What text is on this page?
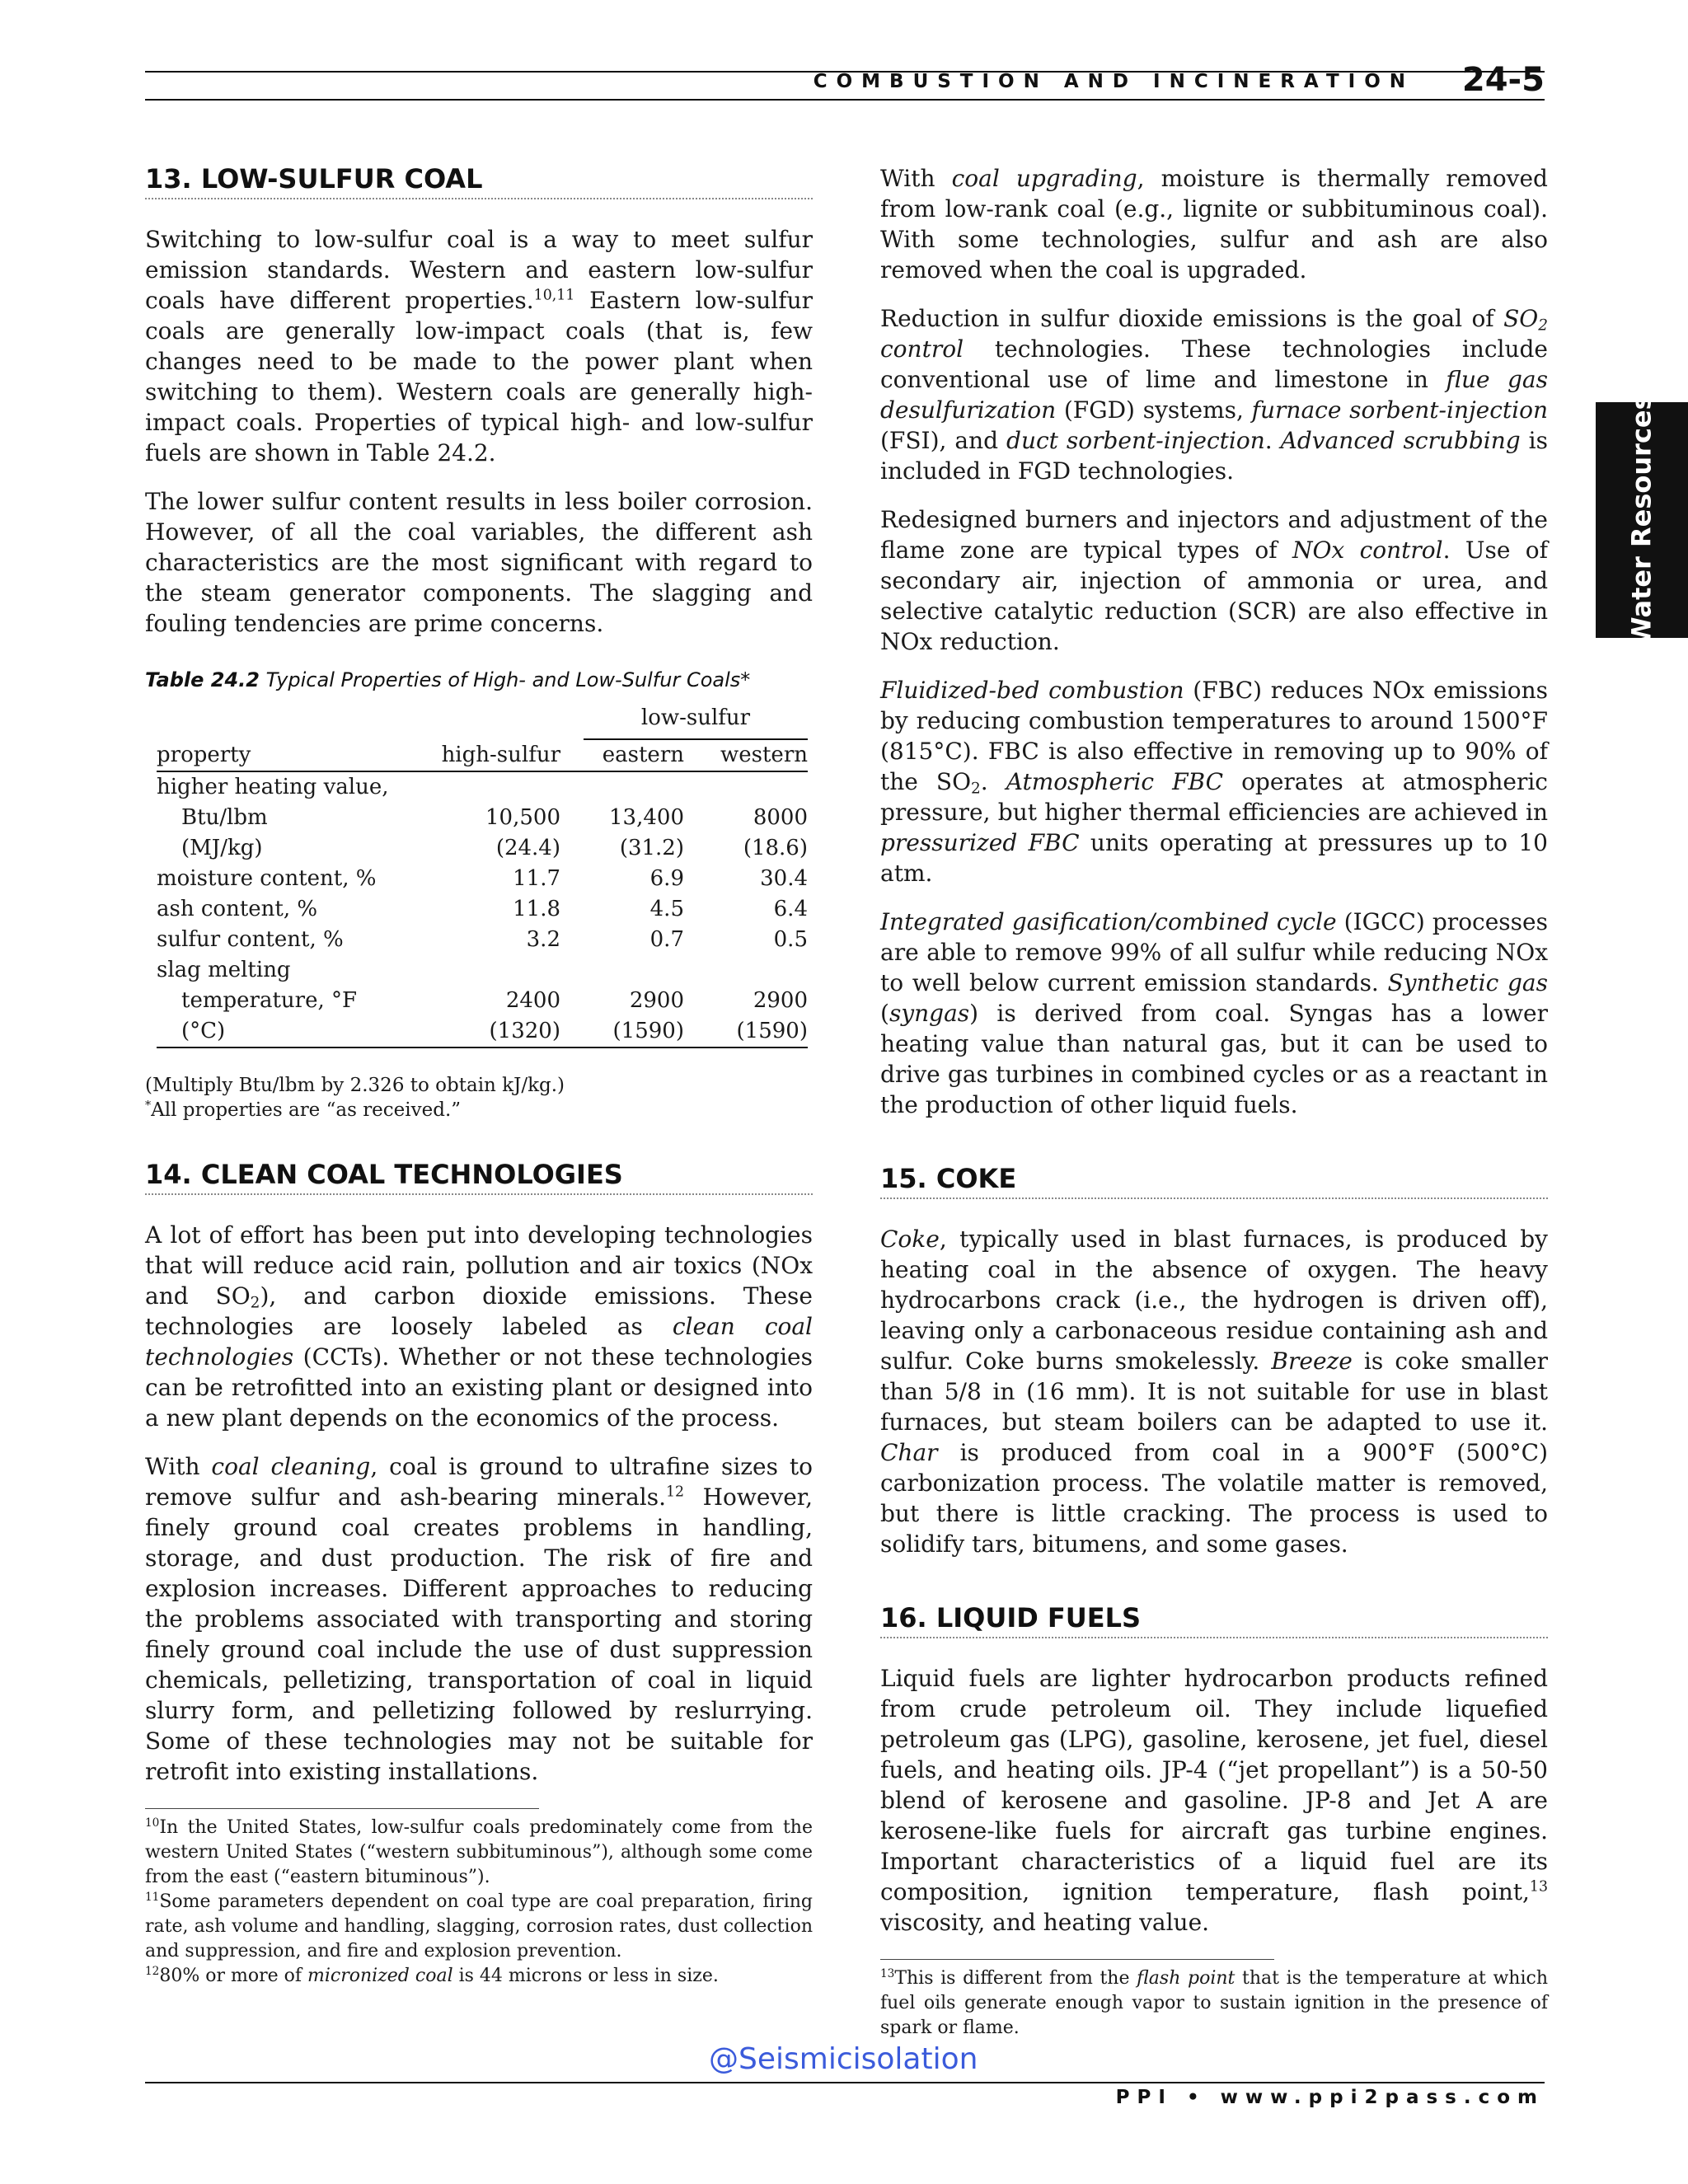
COMBUSTION AND INCINERATION	24-5
Water Resources
13. LOW-SULFUR COAL

Switching to low-sulfur coal is a way to meet sulfur emission standards. Western and eastern low-sulfur coals have different properties.$^{10,11}$ Eastern low-sulfur coals are generally low-impact coals (that is, few changes need to be made to the power plant when switching to them). Western coals are generally high-impact coals. Properties of typical high- and low-sulfur fuels are shown in Table 24.2.

The lower sulfur content results in less boiler corrosion. However, of all the coal variables, the different ash characteristics are the most significant with regard to the steam generator components. The slagging and fouling tendencies are prime concerns.

Table 24.2 Typical Properties of High- and Low-Sulfur Coals*

		low-sulfur	

property	high-sulfur	eastern	western
higher heating value,			
Btu/lbm	10,500	13,400	8000
(MJ/kg)	(24.4)	(31.2)	(18.6)
moisture content, %	11.7	6.9	30.4
ash content, %	11.8	4.5	6.4
sulfur content, %	3.2	0.7	0.5
slag melting			
temperature, °F	2400	2900	2900
(°C)	(1320)	(1590)	(1590)
(Multiply Btu/lbm by 2.326 to obtain kJ/kg.)
*All properties are “as received.”
14. CLEAN COAL TECHNOLOGIES

A lot of effort has been put into developing technologies that will reduce acid rain, pollution and air toxics (NOx and $SO_2$), and carbon dioxide emissions. These technologies are loosely labeled as clean coal technologies (CCTs). Whether or not these technologies can be retrofitted into an existing plant or designed into a new plant depends on the economics of the process.

With coal cleaning, coal is ground to ultrafine sizes to remove sulfur and ash-bearing minerals.$^{12}$ However, finely ground coal creates problems in handling, storage, and dust production. The risk of fire and explosion increases. Different approaches to reducing the problems associated with transporting and storing finely ground coal include the use of dust suppression chemicals, pelletizing, transportation of coal in liquid slurry form, and pelletizing followed by reslurrying. Some of these technologies may not be suitable for retrofit into existing installations.

$^{10}$In the United States, low-sulfur coals predominately come from the western United States (“western subbituminous”), although some come from the east (“eastern bituminous”).

$^{11}$Some parameters dependent on coal type are coal preparation, firing rate, ash volume and handling, slagging, corrosion rates, dust collection and suppression, and fire and explosion prevention.

$^{12}$80% or more of micronized coal is 44 microns or less in size.

With coal upgrading, moisture is thermally removed from low-rank coal (e.g., lignite or subbituminous coal). With some technologies, sulfur and ash are also removed when the coal is upgraded.

Reduction in sulfur dioxide emissions is the goal of $SO_2$ control technologies. These technologies include conventional use of lime and limestone in flue gas desulfurization (FGD) systems, furnace sorbent-injection (FSI), and duct sorbent-injection. Advanced scrubbing is included in FGD technologies.

Redesigned burners and injectors and adjustment of the flame zone are typical types of NOx control. Use of secondary air, injection of ammonia or urea, and selective catalytic reduction (SCR) are also effective in NOx reduction.

Fluidized-bed combustion (FBC) reduces NOx emissions by reducing combustion temperatures to around 1500°F (815°C). FBC is also effective in removing up to 90% of the $SO_2$. Atmospheric FBC operates at atmospheric pressure, but higher thermal efficiencies are achieved in pressurized FBC units operating at pressures up to 10 atm.

Integrated gasification/combined cycle (IGCC) processes are able to remove 99% of all sulfur while reducing NOx to well below current emission standards. Synthetic gas (syngas) is derived from coal. Syngas has a lower heating value than natural gas, but it can be used to drive gas turbines in combined cycles or as a reactant in the production of other liquid fuels.

15. COKE

Coke, typically used in blast furnaces, is produced by heating coal in the absence of oxygen. The heavy hydrocarbons crack (i.e., the hydrogen is driven off), leaving only a carbonaceous residue containing ash and sulfur. Coke burns smokelessly. Breeze is coke smaller than 5/8 in (16 mm). It is not suitable for use in blast furnaces, but steam boilers can be adapted to use it. Char is produced from coal in a 900°F (500°C) carbonization process. The volatile matter is removed, but there is little cracking. The process is used to solidify tars, bitumens, and some gases.

16. LIQUID FUELS

Liquid fuels are lighter hydrocarbon products refined from crude petroleum oil. They include liquefied petroleum gas (LPG), gasoline, kerosene, jet fuel, diesel fuels, and heating oils. JP-4 (“jet propellant”) is a 50-50 blend of kerosene and gasoline. JP-8 and Jet A are kerosene-like fuels for aircraft gas turbine engines. Important characteristics of a liquid fuel are its composition, ignition temperature, flash point,$^{13}$ viscosity, and heating value.

$^{13}$This is different from the flash point that is the temperature at which fuel oils generate enough vapor to sustain ignition in the presence of spark or flame.

@Seismicisolation
PPI • www.ppi2pass.com
